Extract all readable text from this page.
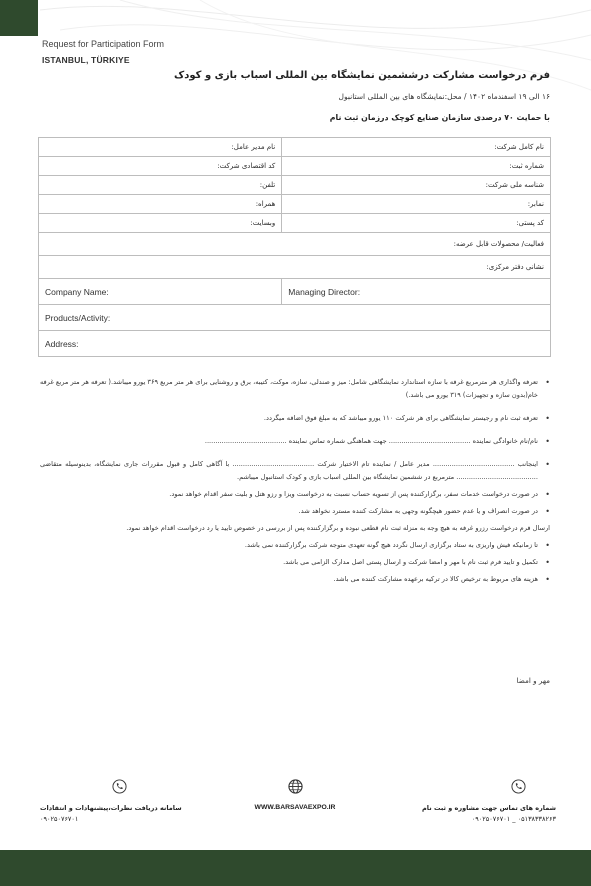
Request for Participation Form
ISTANBUL, TÜRKIYE
فرم درخواست مشارکت درششمین نمایشگاه بین المللی اسباب بازی و کودک
۱۶ الی ۱۹ اسفندماه ۱۴۰۲ / محل:نمایشگاه های بین المللی استانبول
با حمایت ۷۰ درصدی سازمان صنایع کوچک درزمان ثبت نام
نام مدیر عامل:	نام کامل شرکت:
کد اقتصادی شرکت:	شماره ثبت:
تلفن:	شناسه ملی شرکت:
همراه:	نمابر:
وبسایت:	کد پستی:
فعالیت/ محصولات قابل عرضه:	
نشانی دفتر مرکزی:	
Company Name:	Managing Director:
Products/Activity:	
Address:	

• تعرفه واگذاری هر مترمربع غرفه با سازه استاندارد نمایشگاهی شامل: میز و صندلی، سازه، موکت، کتیبه، برق و روشنایی برای هر متر مربع ۳۶۹ یورو میباشد.( تعرفه هر متر مربع غرفه خام(بدون سازه و تجهیزات) ۳۱۹ یورو می باشد.)

• تعرفه ثبت نام و رجیستر نمایشگاهی برای هر شرکت ۱۱۰ یورو میباشد که به مبلغ فوق اضافه میگردد.

• نام/نام خانوادگی نماینده ....................................... جهت هماهنگی شماره تماس نماینده .......................................

• اینجانب ....................................... مدیر عامل / نماینده تام الاختیار شرکت ....................................... با آگاهی کامل و قبول مقررات جاری نمایشگاه، بدینوسیله متقاضی ....................................... مترمربع در ششمین نمایشگاه بین المللی اسباب بازی و کودک استانبول میباشم.

• در صورت درخواست خدمات سفر، برگزارکننده پس از تسویه حساب نسبت به درخواست ویزا و رزو هتل و بلیت سفر اقدام خواهد نمود.

• در صورت انصراف و یا عدم حضور هیچگونه وجهی به مشارکت کننده مسترد نخواهد شد.

ارسال فرم درخواست رزرو غرفه به هیچ وجه به منزله ثبت نام قطعی نبوده و برگزارکننده پس از بررسی در خصوص تایید یا رد درخواست اقدام خواهد نمود.

• تا زمانیکه فیش واریزی به ستاد برگزاری ارسال نگردد هیچ گونه تعهدی متوجه شرکت برگزارکننده نمی باشد.

• تکمیل و تایید فرم ثبت نام با مهر و امضا شرکت و ارسال پستی اصل مدارک الزامی می باشد.

• هزینه های مربوط به ترخیص کالا در ترکیه برعهده مشارکت کننده می باشد.

مهر و امضا
شماره های تماس جهت مشاوره و ثبت نام
۰۵۱۳۸۳۳۸۲۶۳ _ ۰۹۰۲۵۰۷۶۷۰۱
WWW.BARSAVAEXPO.IR
سامانه دریافت نظرات،پیشنهادات و انتقادات
۰۹۰۲۵۰۷۶۷۰۱
